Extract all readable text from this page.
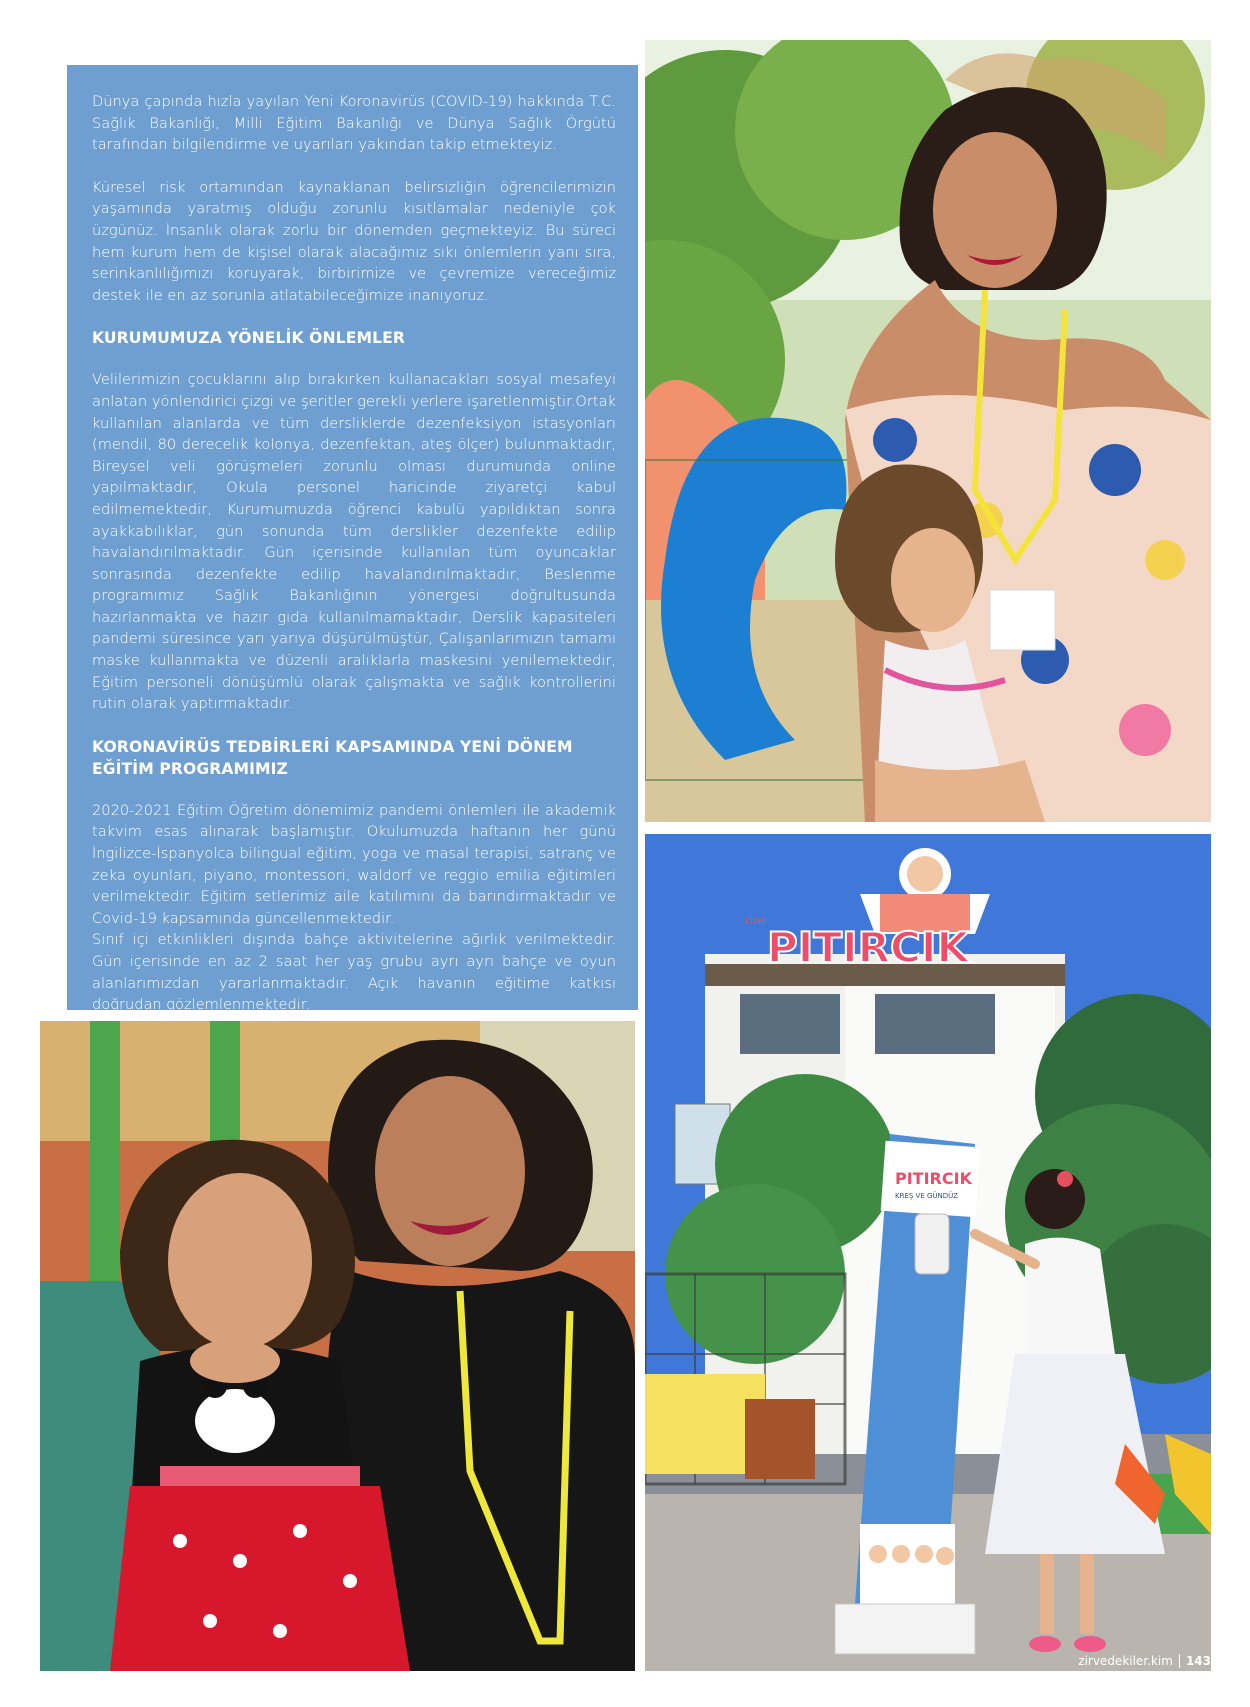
Dünya çapında hızla yayılan Yeni Koronavirüs (COVID-19) hakkında T.C. Sağlık Bakanlığı, Milli Eğitim Bakanlığı ve Dünya Sağlık Örgütü tarafından bilgilendirme ve uyarıları yakından takip etmekteyiz.

Küresel risk ortamından kaynaklanan belirsizliğin öğrencilerimizin yaşamında yaratmış olduğu zorunlu kısıtlamalar nedeniyle çok üzgünüz. İnsanlık olarak zorlu bir dönemden geçmekteyiz. Bu süreci hem kurum hem de kişisel olarak alacağımız sıkı önlemlerin yanı sıra, serinkanlılığımızı koruyarak, birbirimize ve çevremize vereceğimiz destek ile en az sorunla atlatabileceğimize inanıyoruz.

KURUMUMUZA YÖNELİK ÖNLEMLER

Velilerimizin çocuklarını alıp bırakırken kullanacakları sosyal mesafeyi anlatan yönlendirici çizgi ve şeritler gerekli yerlere işaretlenmiştir.Ortak kullanılan alanlarda ve tüm dersliklerde dezenfeksiyon istasyonları (mendil, 80 derecelik kolonya, dezenfektan, ateş ölçer) bulunmaktadır, Bireysel veli görüşmeleri zorunlu olması durumunda online yapılmaktadır, Okula personel haricinde ziyaretçi kabul edilmemektedir, Kurumumuzda öğrenci kabulü yapıldıktan sonra ayakkabılıklar, gün sonunda tüm derslikler dezenfekte edilip havalandırılmaktadır. Gün içerisinde kullanılan tüm oyuncaklar sonrasında dezenfekte edilip havalandırılmaktadır, Beslenme programımız Sağlık Bakanlığının yönergesi doğrultusunda hazırlanmakta ve hazır gıda kullanılmamaktadır, Derslik kapasiteleri pandemi süresince yarı yarıya düşürülmüştür, Çalışanlarımızın tamamı maske kullanmakta ve düzenli aralıklarla maskesini yenilemektedir, Eğitim personeli dönüşümlü olarak çalışmakta ve sağlık kontrollerini rutin olarak yaptırmaktadır.

KORONAVİRÜS TEDBİRLERİ KAPSAMINDA YENİ DÖNEM EĞİTİM PROGRAMIMIZ

2020-2021 Eğitim Öğretim dönemimiz pandemi önlemleri ile akademik takvim esas alınarak başlamıştır. Okulumuzda haftanın her günü İngilizce-İspanyolca bilingual eğitim, yoga ve masal terapisi, satranç ve zeka oyunları, piyano, montessori, waldorf ve reggio emilia eğitimleri verilmektedir. Eğitim setlerimiz aile katılımını da barındırmaktadır ve Covid-19 kapsamında güncellenmektedir.

Sınıf içi etkinlikleri dışında bahçe aktivitelerine ağırlık verilmektedir. Gün içerisinde en az 2 saat her yaş grubu ayrı ayrı bahçe ve oyun alanlarımızdan yararlanmaktadır. Açık havanın eğitime katkısı doğrudan gözlemlenmektedir.

Özel
PITIRCIK
PITIRCIK
KREŞ VE GÜNDÜZ
zirvedekiler.kim 143
